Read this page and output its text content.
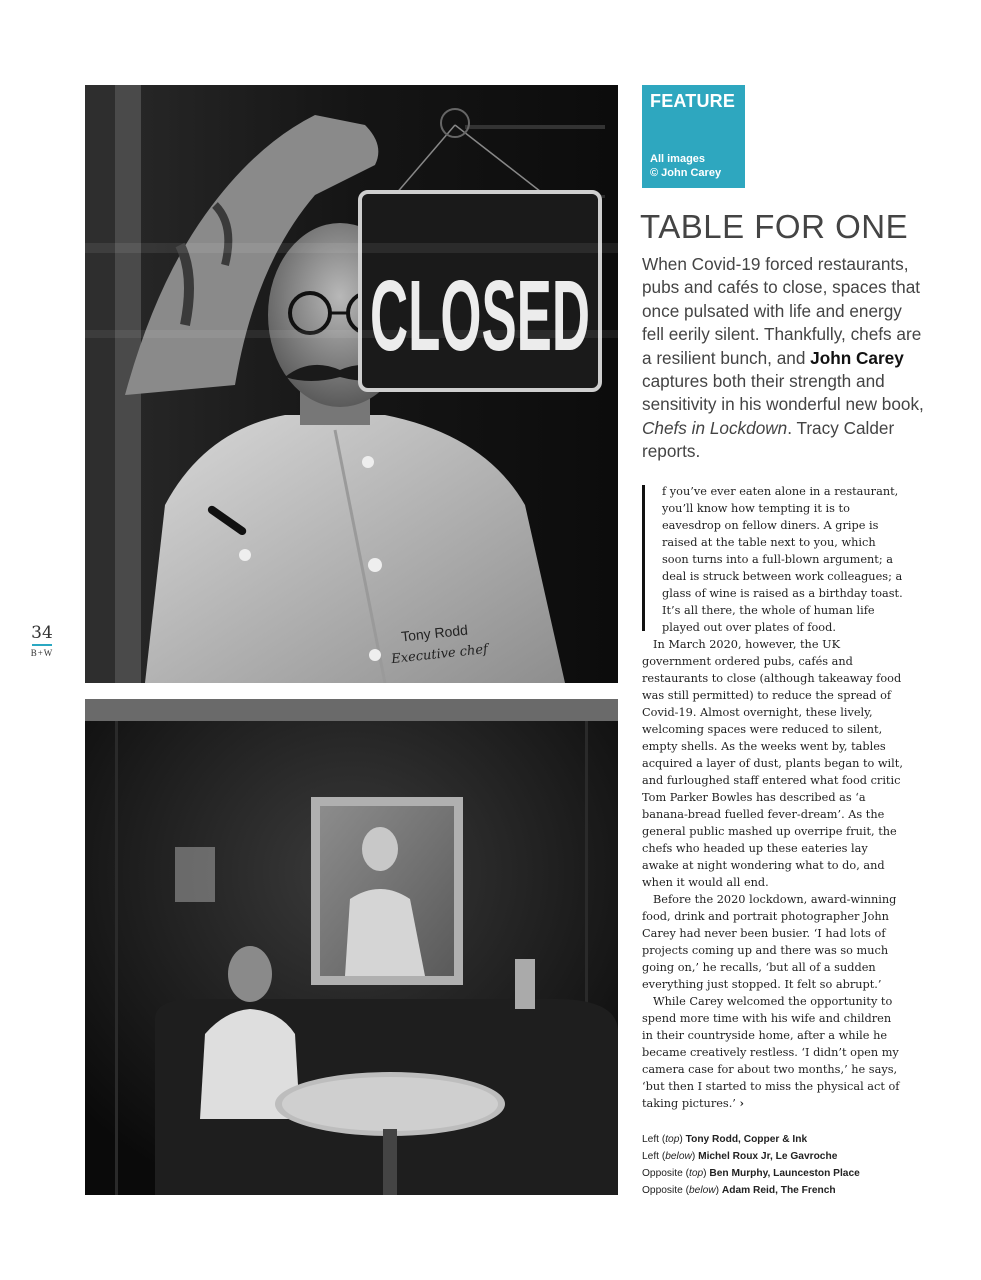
CLOSED
Tony Rodd
Executive chef
34
B+W
FEATURE
All images
© John Carey
TABLE FOR ONE

When Covid-19 forced restaurants, pubs and cafés to close, spaces that once pulsated with life and energy fell eerily silent. Thankfully, chefs are a resilient bunch, and John Carey captures both their strength and sensitivity in his wonderful new book, Chefs in Lockdown. Tracy Calder reports.

f you’ve ever eaten alone in a restaurant, you’ll know how tempting it is to eavesdrop on fellow diners. A gripe is raised at the table next to you, which soon turns into a full-blown argument; a deal is struck between work colleagues; a glass of wine is raised as a birthday toast. It’s all there, the whole of human life played out over plates of food.

In March 2020, however, the UK government ordered pubs, cafés and restaurants to close (although takeaway food was still permitted) to reduce the spread of Covid-19. Almost overnight, these lively, welcoming spaces were reduced to silent, empty shells. As the weeks went by, tables acquired a layer of dust, plants began to wilt, and furloughed staff entered what food critic Tom Parker Bowles has described as ‘a banana-bread fuelled fever-dream’. As the general public mashed up overripe fruit, the chefs who headed up these eateries lay awake at night wondering what to do, and when it would all end.

Before the 2020 lockdown, award-winning food, drink and portrait photographer John Carey had never been busier. ‘I had lots of projects coming up and there was so much going on,’ he recalls, ‘but all of a sudden everything just stopped. It felt so abrupt.’

While Carey welcomed the opportunity to spend more time with his wife and children in their countryside home, after a while he became creatively restless. ‘I didn’t open my camera case for about two months,’ he says, ‘but then I started to miss the physical act of taking pictures.’ ›

Left (top) Tony Rodd, Copper & Ink
Left (below) Michel Roux Jr, Le Gavroche
Opposite (top) Ben Murphy, Launceston Place
Opposite (below) Adam Reid, The French
